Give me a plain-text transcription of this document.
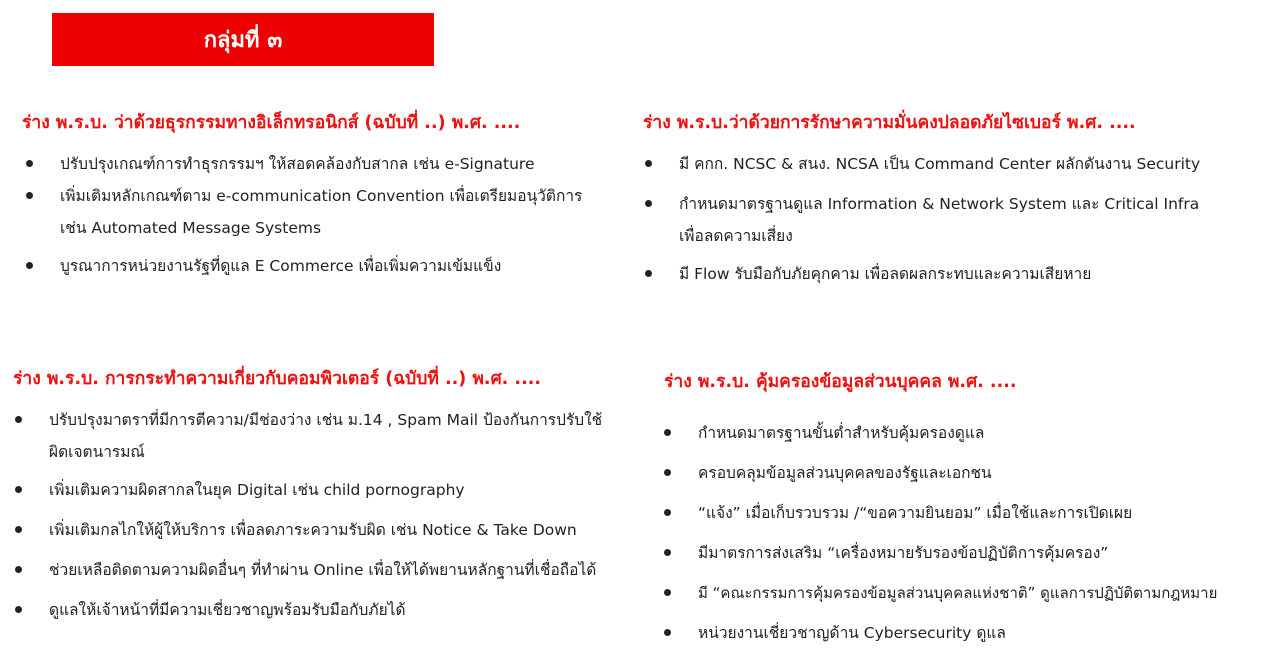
กลุ่มที่ ๓
ร่าง พ.ร.บ. ว่าด้วยธุรกรรมทางอิเล็กทรอนิกส์ (ฉบับที่ ..) พ.ศ. ....
ปรับปรุงเกณฑ์การทำธุรกรรมฯ ให้สอดคล้องกับสากล เช่น e-Signature
เพิ่มเติมหลักเกณฑ์ตาม e-communication Convention เพื่อเตรียมอนุวัติการ
เช่น Automated Message Systems
บูรณาการหน่วยงานรัฐที่ดูแล E Commerce เพื่อเพิ่มความเข้มแข็ง
ร่าง พ.ร.บ.ว่าด้วยการรักษาความมั่นคงปลอดภัยไซเบอร์ พ.ศ. ....
มี คกก. NCSC & สนง. NCSA เป็น Command Center ผลักดันงาน Security
กำหนดมาตรฐานดูแล Information & Network System และ Critical Infra
เพื่อลดความเสี่ยง
มี Flow รับมือกับภัยคุกคาม เพื่อลดผลกระทบและความเสียหาย
ร่าง พ.ร.บ. การกระทำความเกี่ยวกับคอมพิวเตอร์ (ฉบับที่ ..) พ.ศ. ....
ปรับปรุงมาตราที่มีการตีความ/มีช่องว่าง เช่น ม.14 , Spam Mail ป้องกันการปรับใช้
ผิดเจตนารมณ์
เพิ่มเติมความผิดสากลในยุค Digital เช่น child pornography
เพิ่มเติมกลไกให้ผู้ให้บริการ เพื่อลดภาระความรับผิด เช่น Notice & Take Down
ช่วยเหลือติดตามความผิดอื่นๆ ที่ทำผ่าน Online เพื่อให้ได้พยานหลักฐานที่เชื่อถือได้
ดูแลให้เจ้าหน้าที่มีความเชี่ยวชาญพร้อมรับมือกับภัยได้
ร่าง พ.ร.บ. คุ้มครองข้อมูลส่วนบุคคล พ.ศ. ....
กำหนดมาตรฐานขั้นต่ำสำหรับคุ้มครองดูแล
ครอบคลุมข้อมูลส่วนบุคคลของรัฐและเอกชน
“แจ้ง” เมื่อเก็บรวบรวม /“ขอความยินยอม” เมื่อใช้และการเปิดเผย
มีมาตรการส่งเสริม “เครื่องหมายรับรองข้อปฏิบัติการคุ้มครอง”
มี “คณะกรรมการคุ้มครองข้อมูลส่วนบุคคลแห่งชาติ” ดูแลการปฏิบัติตามกฎหมาย
หน่วยงานเชี่ยวชาญด้าน Cybersecurity ดูแล
